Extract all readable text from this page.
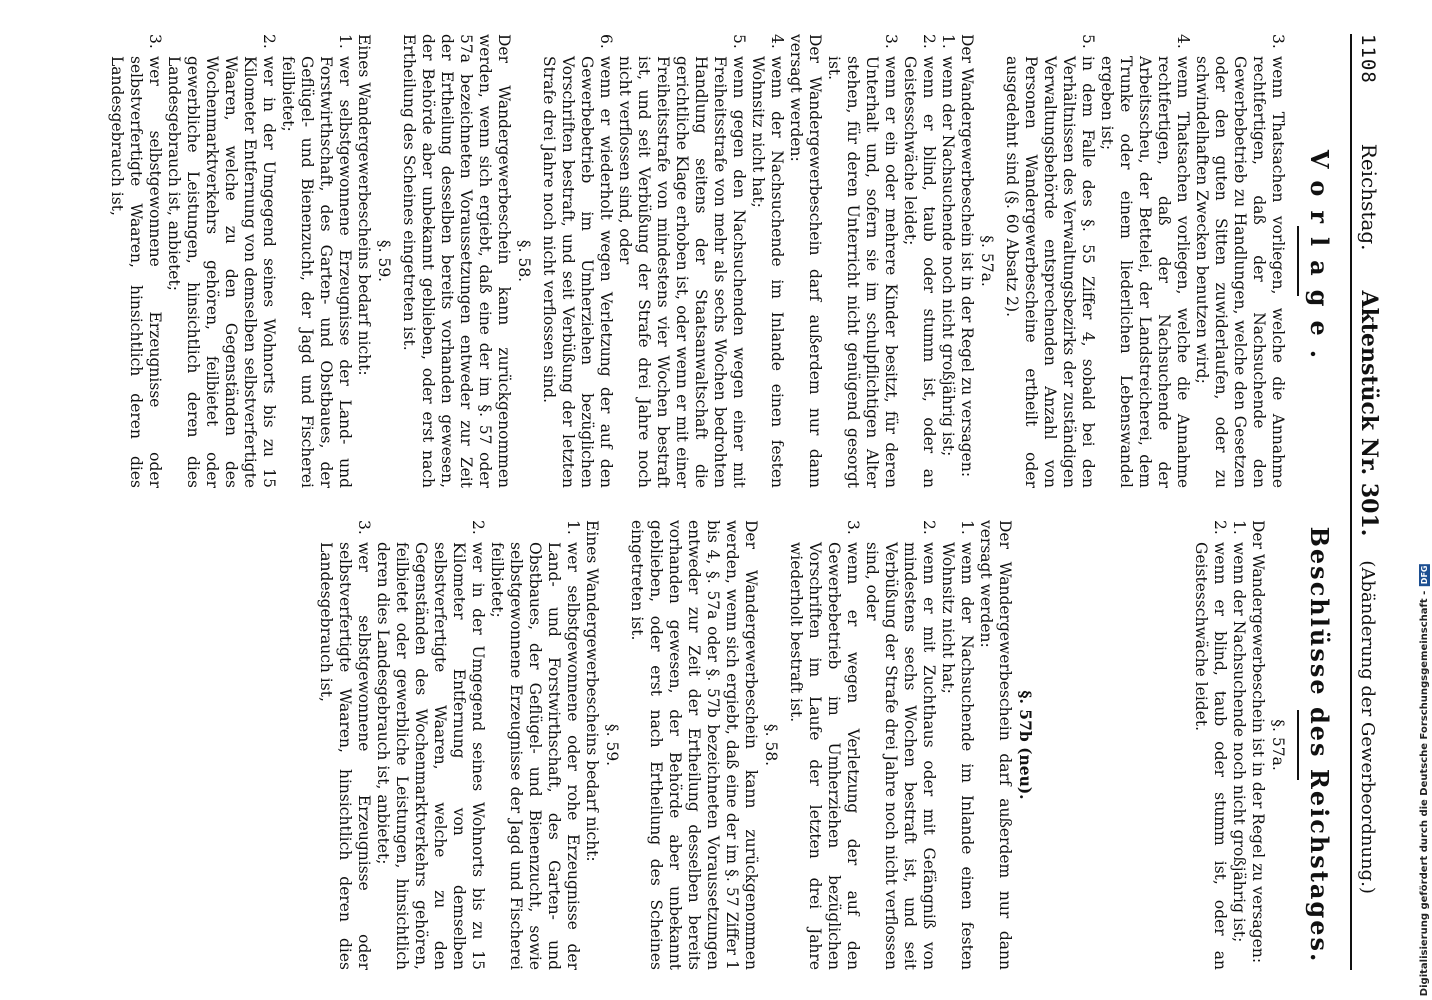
1108
Reichstag.
Aktenstück Nr. 301.
(Abänderung der Gewerbeordnung.)
Vorlage.
3.
wenn Thatsachen vorliegen, welche die Annahme rechtfertigen, daß der Nachsuchende den Gewerbebetrieb zu Handlungen, welche den Gesetzen oder den guten Sitten zuwiderlaufen, oder zu schwindelhaften Zwecken benutzen wird;
4.
wenn Thatsachen vorliegen, welche die Annahme rechtfertigen, daß der Nachsuchende der Arbeitsscheu, der Bettelei, der Landstreicherei, dem Trunke oder einem liederlichen Lebenswandel ergeben ist;
5.
in dem Falle des §. 55 Ziffer 4, sobald bei den Verhältnissen des Verwaltungsbezirks der zuständigen Verwaltungsbehörde entsprechenden Anzahl von Personen Wandergewerbescheine ertheilt oder ausgedehnt sind (§. 60 Absatz 2).
§. 57a.

Der Wandergewerbeschein ist in der Regel zu versagen:

1.
wenn der Nachsuchende noch nicht großjährig ist;
2.
wenn er blind, taub oder stumm ist, oder an Geistesschwäche leidet;
3.
wenn er ein oder mehrere Kinder besitzt, für deren Unterhalt und, sofern sie im schulpflichtigen Alter stehen, für deren Unterricht nicht genügend gesorgt ist.

Der Wandergewerbeschein darf außerdem nur dann versagt werden:

4.
wenn der Nachsuchende im Inlande einen festen Wohnsitz nicht hat;
5.
wenn gegen den Nachsuchenden wegen einer mit Freiheitsstrafe von mehr als sechs Wochen bedrohten Handlung seitens der Staatsanwaltschaft die gerichtliche Klage erhoben ist, oder wenn er mit einer Freiheitsstrafe von mindestens vier Wochen bestraft ist, und seit Verbüßung der Strafe drei Jahre noch nicht verflossen sind, oder
6.
wenn er wiederholt wegen Verletzung der auf den Gewerbebetrieb im Umherziehen bezüglichen Vorschriften bestraft, und seit Verbüßung der letzten Strafe drei Jahre noch nicht verflossen sind.
§. 58.

Der Wandergewerbeschein kann zurückgenommen werden, wenn sich ergiebt, daß eine der im §. 57 oder 57a bezeichneten Voraussetzungen entweder zur Zeit der Ertheilung desselben bereits vorhanden gewesen, der Behörde aber unbekannt geblieben, oder erst nach Ertheilung des Scheines eingetreten ist.

§. 59.

Eines Wandergewerbescheins bedarf nicht:

1.
wer selbstgewonnene Erzeugnisse der Land- und Forstwirthschaft, des Garten- und Obstbaues, der Geflügel- und Bienenzucht, der Jagd und Fischerei feilbietet;
2.
wer in der Umgegend seines Wohnorts bis zu 15 Kilometer Entfernung von demselben selbstverfertigte Waaren, welche zu den Gegenständen des Wochenmarktverkehrs gehören, feilbietet oder gewerbliche Leistungen, hinsichtlich deren dies Landesgebrauch ist, anbietet;
3.
wer selbstgewonnene Erzeugnisse oder selbstverfertigte Waaren, hinsichtlich deren dies Landesgebrauch ist,
Beschlüsse des Reichstages.
§. 57a.

Der Wandergewerbeschein ist in der Regel zu versagen:

1.
wenn der Nachsuchende noch nicht großjährig ist;
2.
wenn er blind, taub oder stumm ist, oder an Geistesschwäche leidet.
§. 57b (neu).

Der Wandergewerbeschein darf außerdem nur dann versagt werden:

1.
wenn der Nachsuchende im Inlande einen festen Wohnsitz nicht hat;
2.
wenn er mit Zuchthaus oder mit Gefängniß von mindestens sechs Wochen bestraft ist, und seit Verbüßung der Strafe drei Jahre noch nicht verflossen sind, oder
3.
wenn er wegen Verletzung der auf den Gewerbebetrieb im Umherziehen bezüglichen Vorschriften im Laufe der letzten drei Jahre wiederholt bestraft ist.
§. 58.

Der Wandergewerbeschein kann zurückgenommen werden, wenn sich ergiebt, daß eine der im §. 57 Ziffer 1 bis 4, §. 57a oder §. 57b bezeichneten Voraussetzungen entweder zur Zeit der Ertheilung desselben bereits vorhanden gewesen, der Behörde aber unbekannt geblieben, oder erst nach Ertheilung des Scheines eingetreten ist.

§. 59.

Eines Wandergewerbescheins bedarf nicht:

1.
wer selbstgewonnene oder rohe Erzeugnisse der Land- und Forstwirthschaft, des Garten- und Obstbaues, der Geflügel- und Bienenzucht, sowie selbstgewonnene Erzeugnisse der Jagd und Fischerei feilbietet;
2.
wer in der Umgegend seines Wohnorts bis zu 15 Kilometer Entfernung von demselben selbstverfertigte Waaren, welche zu den Gegenständen des Wochenmarktverkehrs gehören, feilbietet oder gewerbliche Leistungen, hinsichtlich deren dies Landesgebrauch ist, anbietet;
3.
wer selbstgewonnene Erzeugnisse oder selbstverfertigte Waaren, hinsichtlich deren dies Landesgebrauch ist,	Digitalisierung gefördert durch die Deutsche Forschungsgemeinschaft -
DFG
